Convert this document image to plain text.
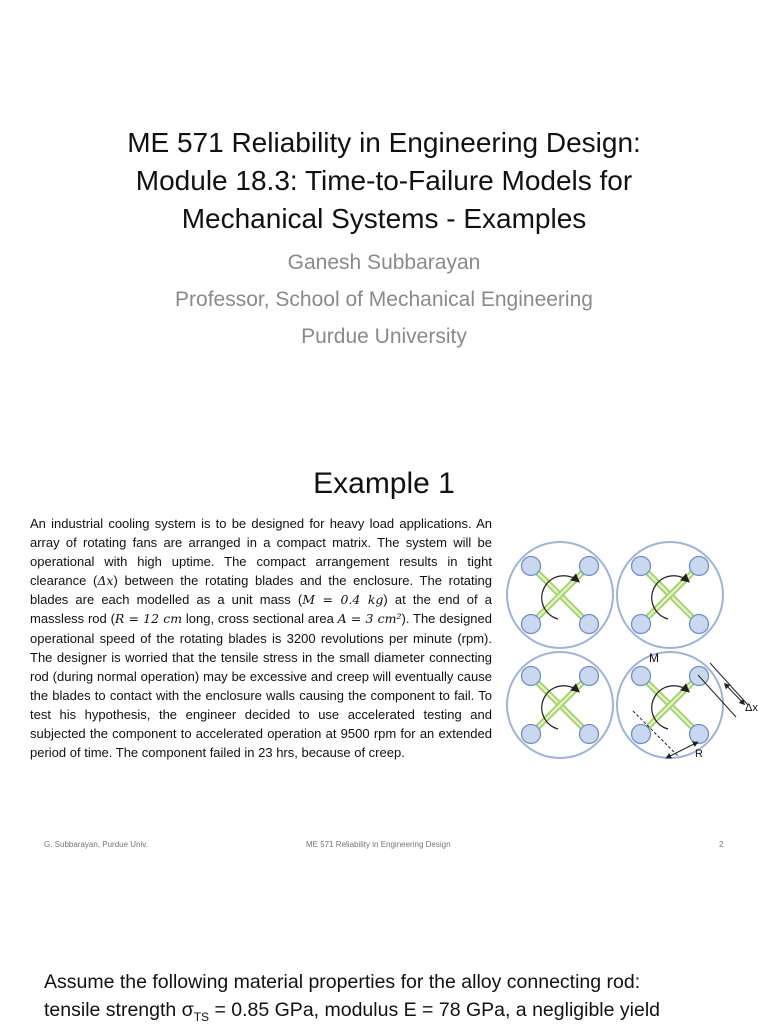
ME 571 Reliability in Engineering Design:
Module 18.3: Time-to-Failure Models for
Mechanical Systems - Examples
Ganesh Subbarayan
Professor, School of Mechanical Engineering
Purdue University
Example 1
An industrial cooling system is to be designed for heavy load applications. An array of rotating fans are arranged in a compact matrix. The system will be operational with high uptime. The compact arrangement results in tight clearance (Δx) between the rotating blades and the enclosure. The rotating blades are each modelled as a unit mass (M = 0.4 kg) at the end of a massless rod (R = 12 cm long, cross sectional area A = 3 cm²). The designed operational speed of the rotating blades is 3200 revolutions per minute (rpm). The designer is worried that the tensile stress in the small diameter connecting rod (during normal operation) may be excessive and creep will eventually cause the blades to contact with the enclosure walls causing the component to fail. To test his hypothesis, the engineer decided to use accelerated testing and subjected the component to accelerated operation at 9500 rpm for an extended period of time. The component failed in 23 hrs, because of creep.
M
Δx
R
G. Subbarayan, Purdue Univ.	ME 571 Reliability in Engineering Design	2
Assume the following material properties for the alloy connecting rod:
tensile strength $\sigma_{TS} = 0.85$ GPa, modulus E = 78 GPa, a negligible yield
